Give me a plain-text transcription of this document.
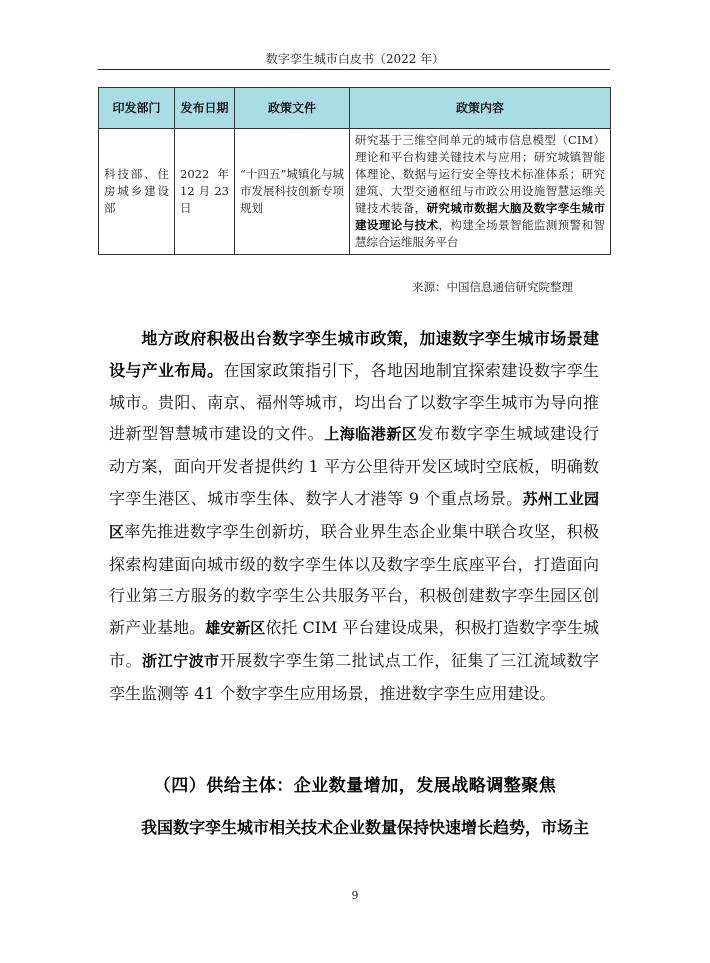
数字孪生城市白皮书（2022 年）
印发部门	发布日期	政策文件	政策内容
科技部、住房城乡建设部	2022 年 12 月 23 日	“十四五”城镇化与城市发展科技创新专项规划	研究基于三维空间单元的城市信息模型（CIM）理论和平台构建关键技术与应用；研究城镇智能体理论、数据与运行安全等技术标准体系；研究建筑、大型交通枢纽与市政公用设施智慧运维关键技术装备，研究城市数据大脑及数字孪生城市建设理论与技术，构建全场景智能监测预警和智慧综合运维服务平台
来源：中国信息通信研究院整理

地方政府积极出台数字孪生城市政策，加速数字孪生城市场景建设与产业布局。在国家政策指引下，各地因地制宜探索建设数字孪生城市。贵阳、南京、福州等城市，均出台了以数字孪生城市为导向推进新型智慧城市建设的文件。上海临港新区发布数字孪生城域建设行动方案，面向开发者提供约 1 平方公里待开发区域时空底板，明确数字孪生港区、城市孪生体、数字人才港等 9 个重点场景。苏州工业园区率先推进数字孪生创新坊，联合业界生态企业集中联合攻坚，积极探索构建面向城市级的数字孪生体以及数字孪生底座平台，打造面向行业第三方服务的数字孪生公共服务平台，积极创建数字孪生园区创新产业基地。雄安新区依托 CIM 平台建设成果，积极打造数字孪生城市。浙江宁波市开展数字孪生第二批试点工作，征集了三江流域数字孪生监测等 41 个数字孪生应用场景，推进数字孪生应用建设。

（四）供给主体：企业数量增加，发展战略调整聚焦

我国数字孪生城市相关技术企业数量保持快速增长趋势，市场主

9
